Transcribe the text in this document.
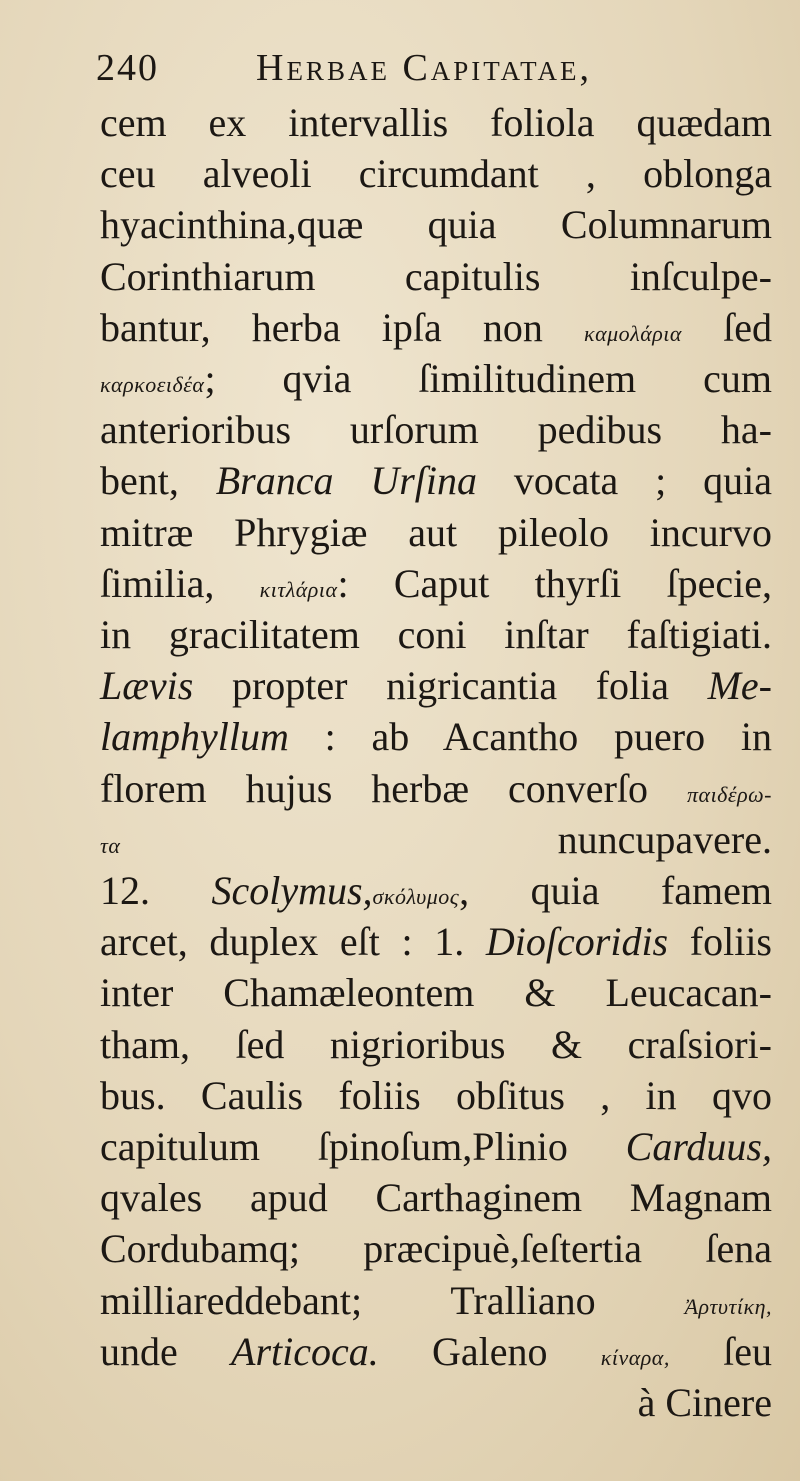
240	Herbae Capitatae,
cem ex intervallis foliola quædam
ceu alveoli circumdant , oblonga
hyacinthina,quæ quia Columnarum
Corinthiarum capitulis inſculpe-
bantur, herba ipſa non καμολάρια ſed
καρκοειδέα; qvia ſimilitudinem cum
anterioribus urſorum pedibus ha-
bent, Branca Urſina vocata ; quia
mitræ Phrygiæ aut pileolo incurvo
ſimilia, κιτλάρια: Caput thyrſi ſpecie,
in gracilitatem coni inſtar faſtigiati.
Lævis propter nigricantia folia Me-
lamphyllum : ab Acantho puero in
florem hujus herbæ converſo παιδέρω-
τα nuncupavere.
12. Scolymus,σκόλυμος, quia famem
arcet, duplex eſt : 1. Dioſcoridis foliis
inter Chamæleontem & Leucacan-
tham, ſed nigrioribus & craſsiori-
bus. Caulis foliis obſitus , in qvo
capitulum ſpinoſum,Plinio Carduus,
qvales apud Carthaginem Magnam
Cordubamq; præcipuè,ſeſtertia ſena
milliareddebant; Tralliano Ἀρτυτίκη,
unde Articoca. Galeno κίναρα, ſeu
à Cinere
